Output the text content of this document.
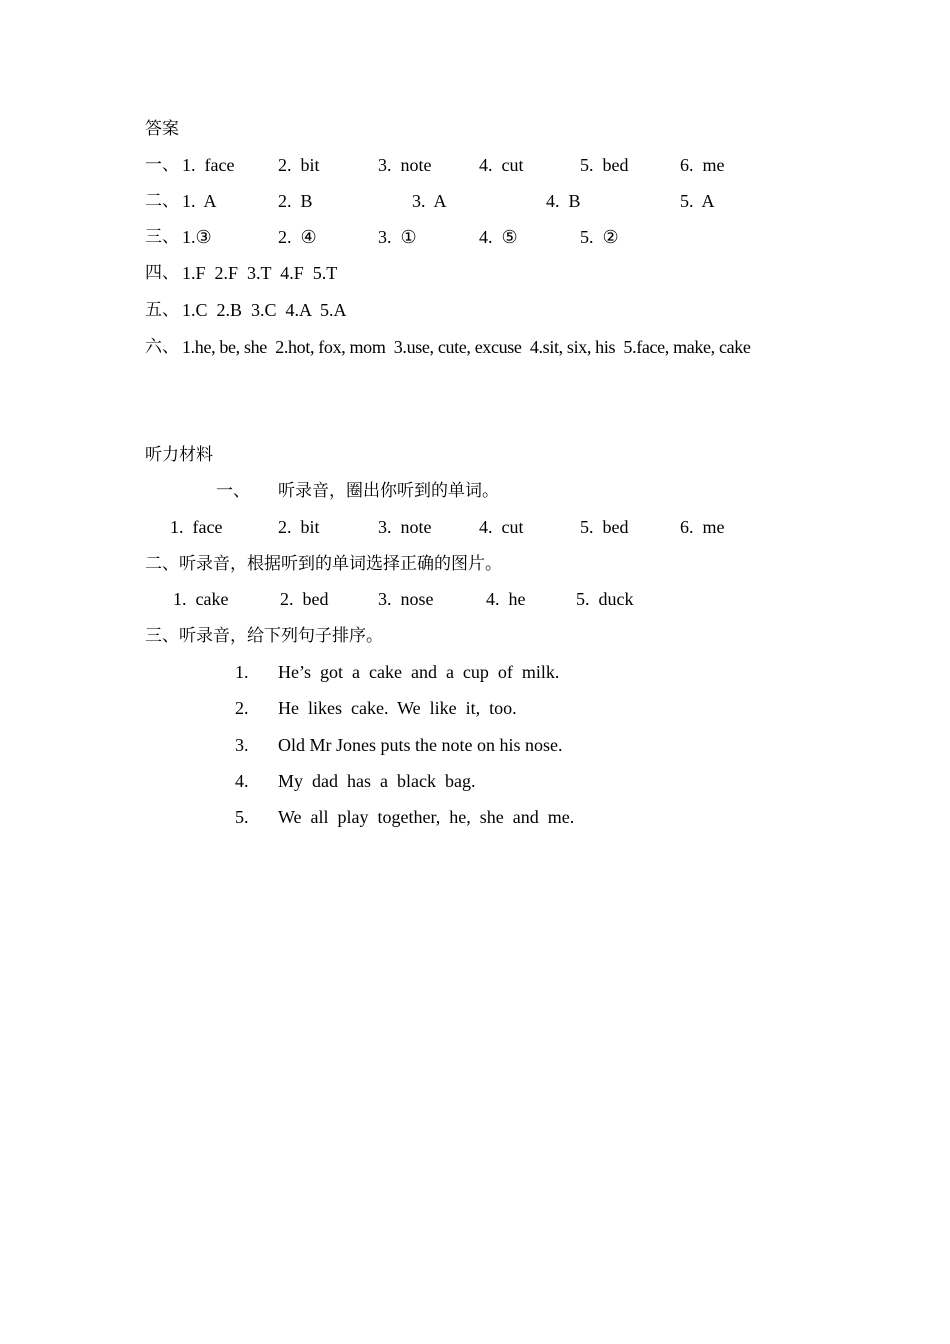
答案
一、 1.  face 2.  bit	3.  note	4.  cut	5.  bed	6.  me
二、 1.  A	2.  B	3.  A	4.  B	5.  A
三、 1.③	2.  ④	3.  ①	4.  ⑤	5.  ②
四、 1.F  2.F  3.T  4.F  5.T
五、 1.C  2.B  3.C  4.A  5.A
六、 1.he, be, she  2.hot, fox, mom  3.use, cute, excuse  4.sit, six, his  5.face, make, cake
听力材料
一、 听录音，圈出你听到的单词。
1.  face	2.  bit	3.  note	4.  cut	5.  bed	6.  me
二、听录音，根据听到的单词选择正确的图片。
1.  cake	2.  bed	3.  nose	4.  he	5.  duck
三、听录音，给下列句子排序。
1. He’s  got  a  cake  and  a  cup  of  milk.
2. He  likes  cake.  We  like  it,  too.
3. Old Mr Jones puts the note on his nose.
4. My  dad  has  a  black  bag.
5. We  all  play  together,  he,  she  and  me.
